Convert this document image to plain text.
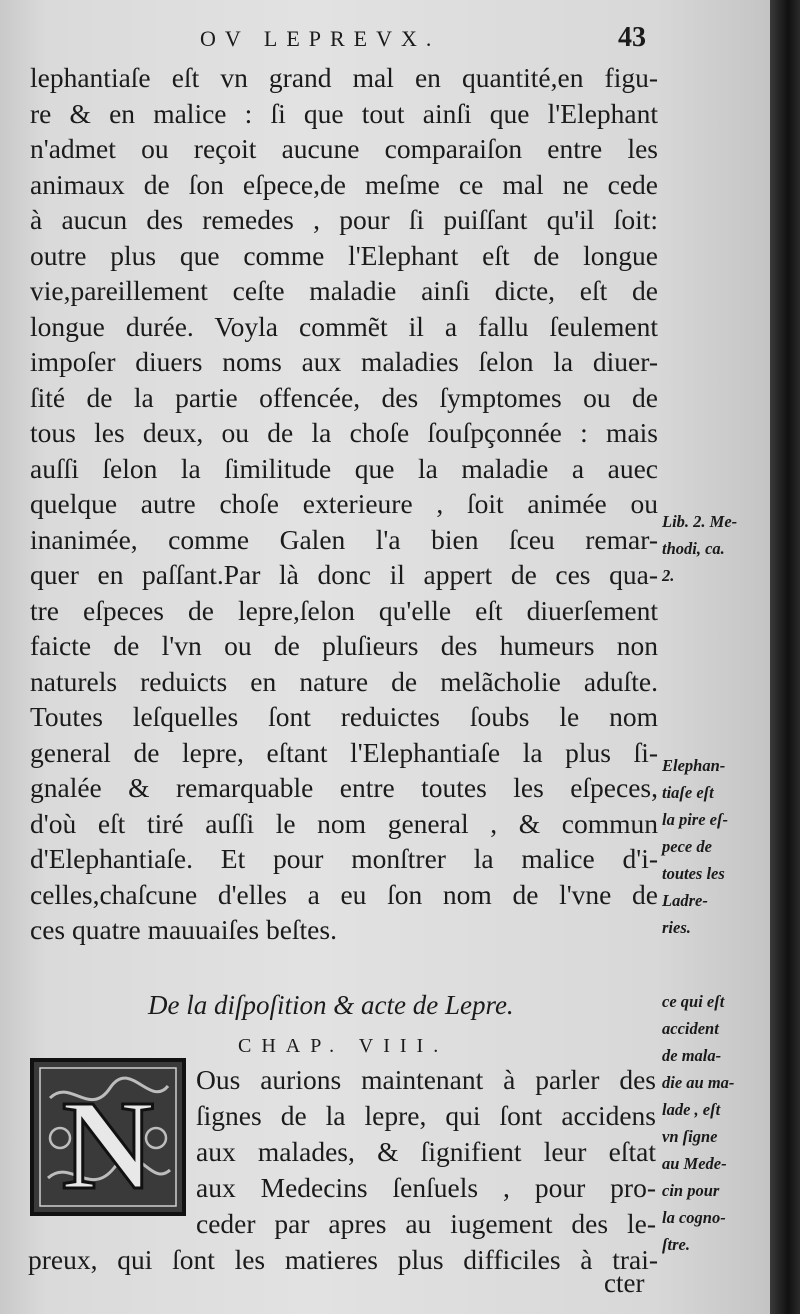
OV LEPREVX.	43

lephantiaſe eſt vn grand mal en quantité,en figu-
re & en malice : ſi que tout ainſi que l'Elephant
n'admet ou reçoit aucune comparaiſon entre les
animaux de ſon eſpece,de meſme ce mal ne cede
à aucun des remedes , pour ſi puiſſant qu'il ſoit:
outre plus que comme l'Elephant eſt de longue
vie,pareillement ceſte maladie ainſi dicte, eſt de
longue durée. Voyla commẽt il a fallu ſeulement
impoſer diuers noms aux maladies ſelon la diuer-
ſité de la partie offencée, des ſymptomes ou de
tous les deux, ou de la choſe ſouſpçonnée : mais
auſſi ſelon la ſimilitude que la maladie a auec
quelque autre choſe exterieure , ſoit animée ou
inanimée, comme Galen l'a bien ſceu remar-
quer en paſſant.Par là donc il appert de ces qua-
tre eſpeces de lepre,ſelon qu'elle eſt diuerſement
faicte de l'vn ou de pluſieurs des humeurs non
naturels reduicts en nature de melãcholie aduſte.
Toutes leſquelles ſont reduictes ſoubs le nom
general de lepre, eſtant l'Elephantiaſe la plus ſi-
gnalée & remarquable entre toutes les eſpeces,
d'où eſt tiré auſſi le nom general , & commun
d'Elephantiaſe. Et pour monſtrer la malice d'i-
celles,chaſcune d'elles a eu ſon nom de l'vne de
ces quatre mauuaiſes beſtes.

De la diſpoſition & acte de Lepre.
CHAP. VIII.
N Ous aurions maintenant à parler des
ſignes de la lepre, qui ſont accidens
aux malades, & ſignifient leur eſtat
aux Medecins ſenſuels , pour pro-
ceder par apres au iugement des le-
preux, qui ſont les matieres plus difficiles à trai-

cter
Lib. 2. Me-
thodi, ca.
2.
Elephan-
tiaſe eſt
la pire eſ-
pece de
toutes les
Ladre-
ries.
ce qui eſt
accident
de mala-
die au ma-
lade , eſt
vn ſigne
au Mede-
cin pour
la cogno-
ſtre.
